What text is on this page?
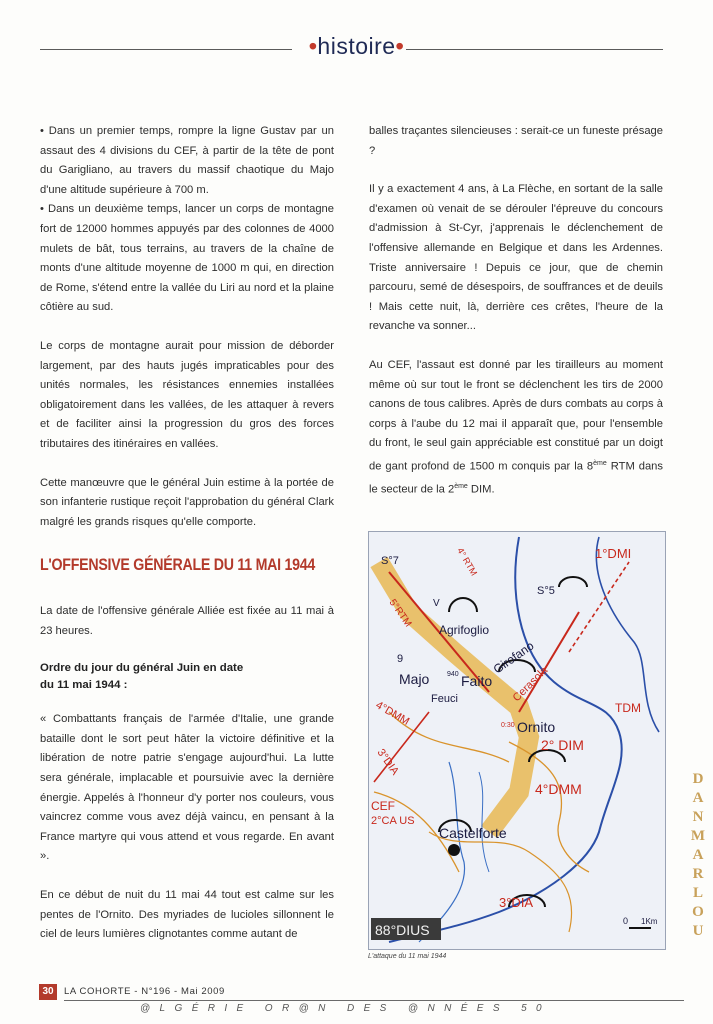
•histoire•

• Dans un premier temps, rompre la ligne Gustav par un assaut des 4 divisions du CEF, à partir de la tête de pont du Garigliano, au travers du massif chaotique du Majo d'une altitude supérieure à 700 m.

• Dans un deuxième temps, lancer un corps de montagne fort de 12000 hommes appuyés par des colonnes de 4000 mulets de bât, tous terrains, au travers de la chaîne de monts d'une altitude moyenne de 1000 m qui, en direction de Rome, s'étend entre la vallée du Liri au nord et la plaine côtière au sud.

Le corps de montagne aurait pour mission de déborder largement, par des hauts jugés impraticables pour des unités normales, les résistances ennemies installées obligatoirement dans les vallées, de les attaquer à revers et de faciliter ainsi la progression du gros des forces tributaires des itinéraires en vallées.

Cette manœuvre que le général Juin estime à la portée de son infanterie rustique reçoit l'approbation du général Clark malgré les grands risques qu'elle comporte.

L'OFFENSIVE GÉNÉRALE DU 11 MAI 1944

La date de l'offensive générale Alliée est fixée au 11 mai à 23 heures.

Ordre du jour du général Juin en date
du 11 mai 1944 :

« Combattants français de l'armée d'Italie, une grande bataille dont le sort peut hâter la victoire définitive et la libération de notre patrie s'engage aujourd'hui. La lutte sera générale, implacable et poursuivie avec la dernière énergie. Appelés à l'honneur d'y porter nos couleurs, vous vaincrez comme vous avez déjà vaincu, en pensant à la France martyre qui vous attend et vous regarde. En avant ».

En ce début de nuit du 11 mai 44 tout est calme sur les pentes de l'Ornito. Des myriades de lucioles sillonnent le ciel de leurs lumières clignotantes comme autant de

balles traçantes silencieuses : serait-ce un funeste présage ?

Il y a exactement 4 ans, à La Flèche, en sortant de la salle d'examen où venait de se dérouler l'épreuve du concours d'admission à St-Cyr, j'apprenais le déclenchement de l'offensive allemande en Belgique et dans les Ardennes. Triste anniversaire ! Depuis ce jour, que de chemin parcouru, semé de désespoirs, de souffrances et de deuils ! Mais cette nuit, là, derrière ces crêtes, l'heure de la revanche va sonner...

Au CEF, l'assaut est donné par les tirailleurs au moment même où sur tout le front se déclenchent les tirs de 2000 canons de tous calibres. Après de durs combats au corps à corps à l'aube du 12 mai il apparaît que, pour l'ensemble du front, le seul gain appréciable est constitué par un doigt de gant profond de 1500 m conquis par la 8ème RTM dans le secteur de la 2ème DIM.

1°DMI
S°7
S°5
V
5°RTM
4° RTM
Agrifoglio
Girofano
9
Majo Faito
940
Feuci	Cerasola
4°DMM	0:30 Ornito
TDM
2° DIM
4°DMM
3°DIA
CEF
2°CA US
Castelforte
3°DIA
88°DIUS
0 1Km
L'attaque du 11 mai 1944
D
A
N
M
A
R
L
O
U
30	LA COHORTE - N°196 - Mai 2009
@LGÉRIE OR@N DES @NNÉES 50
